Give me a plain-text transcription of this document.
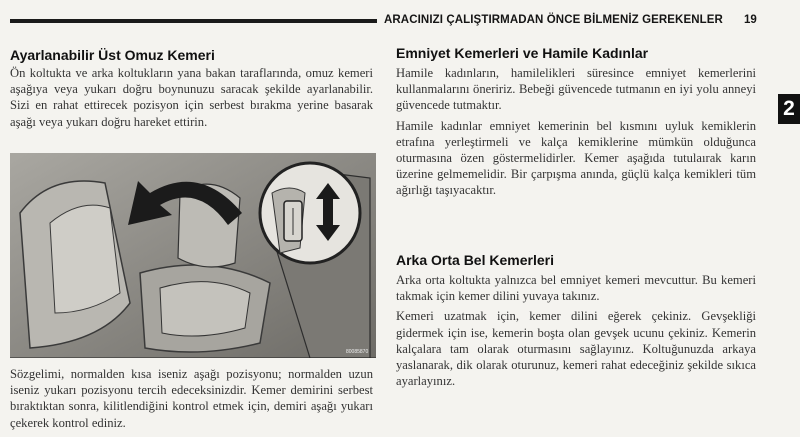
ARACINIZI ÇALIŞTIRMADAN ÖNCE BİLMENİZ GEREKENLER 19
2
Ayarlanabilir Üst Omuz Kemeri

Ön koltukta ve arka koltukların yana bakan taraflarında, omuz kemeri aşağıya veya yukarı doğru boynunuzu saracak şekilde ayarlanabilir. Sizi en rahat ettirecek pozisyon için serbest bırakma yerine basarak aşağı veya yukarı doğru hareket ettirin.

80085870
Sözgelimi, normalden kısa iseniz aşağı pozisyonu; normalden uzun iseniz yukarı pozisyonu tercih edeceksinizdir. Kemer demirini serbest bıraktıktan sonra, kilitlendiğini kontrol etmek için, demiri aşağı yukarı çekerek kontrol ediniz.
Emniyet Kemerleri ve Hamile Kadınlar

Hamile kadınların, hamilelikleri süresince emniyet kemerlerini kullanmalarını öneririz. Bebeği güvencede tutmanın en iyi yolu anneyi güvencede tutmaktır.

Hamile kadınlar emniyet kemerinin bel kısmını uyluk kemiklerin etrafına yerleştirmeli ve kalça kemiklerine mümkün olduğunca oturmasına özen göstermelidirler. Kemer aşağıda tutulaırak karın üzerine gelmemelidir. Bir çarpışma anında, güçlü kalça kemikleri tüm ağırlığı taşıyacaktır.

Arka Orta Bel Kemerleri

Arka orta koltukta yalnızca bel emniyet kemeri mevcuttur. Bu kemeri takmak için kemer dilini yuvaya takınız.

Kemeri uzatmak için, kemer dilini eğerek çekiniz. Gevşekliği gidermek için ise, kemerin boşta olan gevşek ucunu çekiniz. Kemerin kalçalara tam olarak oturmasını sağlayınız. Koltuğunuzda arkaya yaslanarak, dik olarak oturunuz, kemeri rahat edeceğiniz şekilde sıkıca ayarlayınız.
